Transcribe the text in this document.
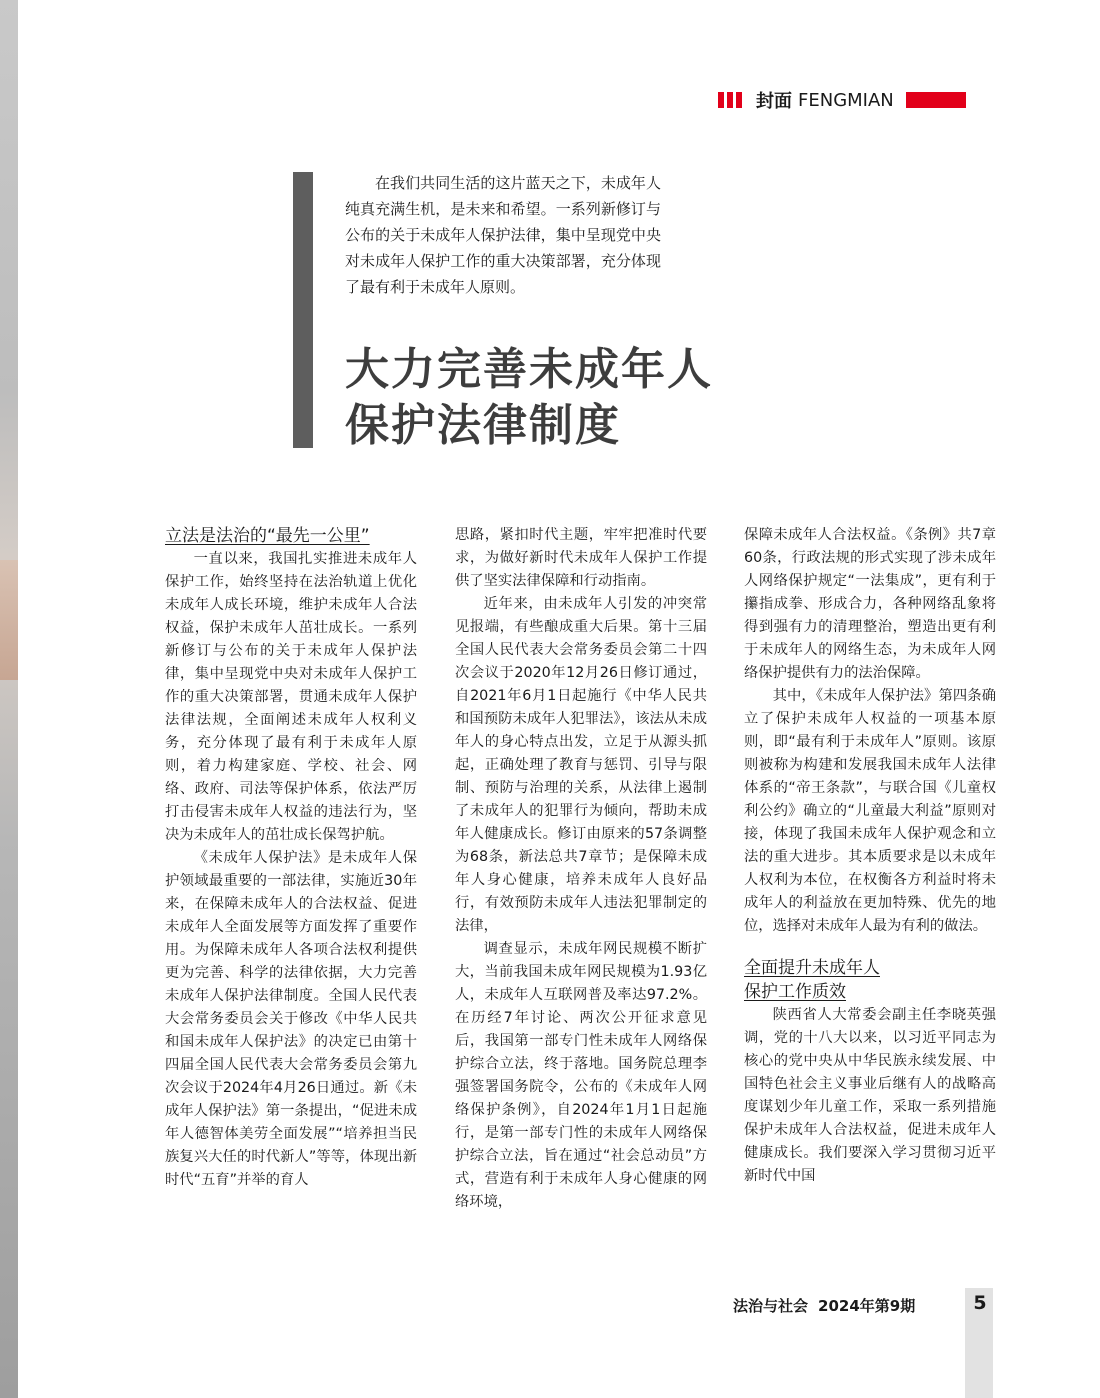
封面 FENGMIAN

在我们共同生活的这片蓝天之下，未成年人纯真充满生机，是未来和希望。一系列新修订与公布的关于未成年人保护法律，集中呈现党中央对未成年人保护工作的重大决策部署，充分体现了最有利于未成年人原则。

大力完善未成年人
保护法律制度
立法是法治的“最先一公里”

一直以来，我国扎实推进未成年人保护工作，始终坚持在法治轨道上优化未成年人成长环境，维护未成年人合法权益，保护未成年人茁壮成长。一系列新修订与公布的关于未成年人保护法律，集中呈现党中央对未成年人保护工作的重大决策部署，贯通未成年人保护法律法规，全面阐述未成年人权利义务，充分体现了最有利于未成年人原则，着力构建家庭、学校、社会、网络、政府、司法等保护体系，依法严厉打击侵害未成年人权益的违法行为，坚决为未成年人的茁壮成长保驾护航。

《未成年人保护法》是未成年人保护领域最重要的一部法律，实施近30年来，在保障未成年人的合法权益、促进未成年人全面发展等方面发挥了重要作用。为保障未成年人各项合法权利提供更为完善、科学的法律依据，大力完善未成年人保护法律制度。全国人民代表大会常务委员会关于修改《中华人民共和国未成年人保护法》的决定已由第十四届全国人民代表大会常务委员会第九次会议于2024年4月26日通过。新《未成年人保护法》第一条提出，“促进未成年人德智体美劳全面发展”“培养担当民族复兴大任的时代新人”等等，体现出新时代“五育”并举的育人

思路，紧扣时代主题，牢牢把准时代要求，为做好新时代未成年人保护工作提供了坚实法律保障和行动指南。

近年来，由未成年人引发的冲突常见报端，有些酿成重大后果。第十三届全国人民代表大会常务委员会第二十四次会议于2020年12月26日修订通过，自2021年6月1日起施行《中华人民共和国预防未成年人犯罪法》，该法从未成年人的身心特点出发，立足于从源头抓起，正确处理了教育与惩罚、引导与限制、预防与治理的关系，从法律上遏制了未成年人的犯罪行为倾向，帮助未成年人健康成长。修订由原来的57条调整为68条，新法总共7章节；是保障未成年人身心健康，培养未成年人良好品行，有效预防未成年人违法犯罪制定的法律，

调查显示，未成年网民规模不断扩大，当前我国未成年网民规模为1.93亿人，未成年人互联网普及率达97.2%。在历经7年讨论、两次公开征求意见后，我国第一部专门性未成年人网络保护综合立法，终于落地。国务院总理李强签署国务院令，公布的《未成年人网络保护条例》，自2024年1月1日起施行，是第一部专门性的未成年人网络保护综合立法，旨在通过“社会总动员”方式，营造有利于未成年人身心健康的网络环境，

保障未成年人合法权益。《条例》共7章60条，行政法规的形式实现了涉未成年人网络保护规定“一法集成”，更有利于攥指成拳、形成合力，各种网络乱象将得到强有力的清理整治，塑造出更有利于未成年人的网络生态，为未成年人网络保护提供有力的法治保障。

其中，《未成年人保护法》第四条确立了保护未成年人权益的一项基本原则，即“最有利于未成年人”原则。该原则被称为构建和发展我国未成年人法律体系的“帝王条款”，与联合国《儿童权利公约》确立的“儿童最大利益”原则对接，体现了我国未成年人保护观念和立法的重大进步。其本质要求是以未成年人权利为本位，在权衡各方利益时将未成年人的利益放在更加特殊、优先的地位，选择对未成年人最为有利的做法。

全面提升未成年人
保护工作质效

陕西省人大常委会副主任李晓英强调，党的十八大以来，以习近平同志为核心的党中央从中华民族永续发展、中国特色社会主义事业后继有人的战略高度谋划少年儿童工作，采取一系列措施保护未成年人合法权益，促进未成年人健康成长。我们要深入学习贯彻习近平新时代中国

法治与社会 2024年第9期	5
